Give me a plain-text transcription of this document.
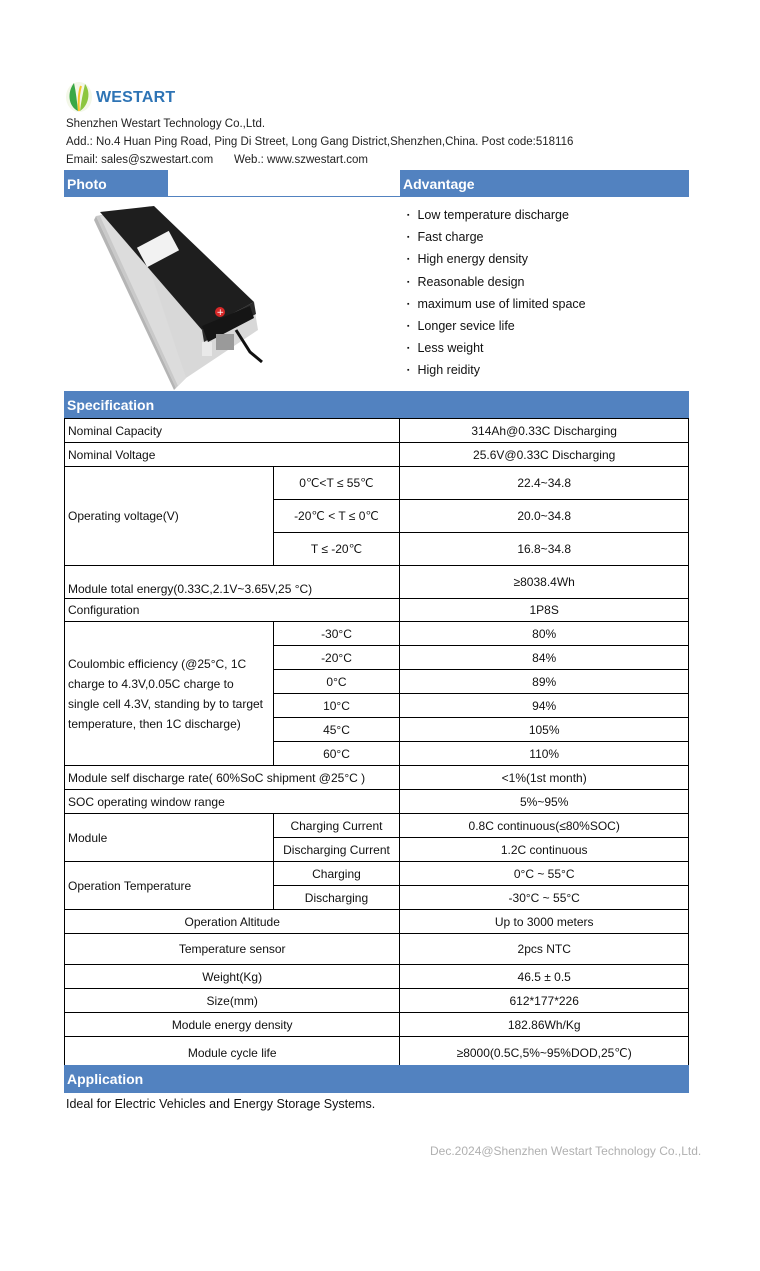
WESTART
Shenzhen Westart Technology Co.,Ltd.
Add.: No.4 Huan Ping Road, Ping Di Street, Long Gang District,Shenzhen,China. Post code:518116
Email: sales@szwestart.com Web.: www.szwestart.com
Photo	Advantage
+
▪ Low temperature discharge
▪ Fast charge
▪ High energy density
▪ Reasonable design
▪ maximum use of limited space
▪ Longer sevice life
▪ Less weight
▪ High reidity
Specification
Nominal Capacity		314Ah@0.33C Discharging
Nominal Voltage		25.6V@0.33C Discharging
Operating voltage(V)	0℃<T ≤ 55℃	22.4~34.8
	-20℃ < T ≤ 0℃	20.0~34.8
	T ≤ -20℃	16.8~34.8
Module total energy(0.33C,2.1V~3.65V,25 °C)		≥8038.4Wh
Configuration		1P8S
Coulombic efficiency (@25°C, 1C charge to 4.3V,0.05C charge to single cell 4.3V, standing by to target temperature, then 1C discharge)	-30°C	80%
	-20°C	84%
	0°C	89%
	10°C	94%
	45°C	105%
	60°C	110%
Module self discharge rate( 60%SoC shipment @25°C )		<1%(1st month)
SOC operating window range		5%~95%
Module	Charging Current	0.8C continuous(≤80%SOC)
	Discharging Current	1.2C continuous
Operation Temperature	Charging	0°C ~ 55°C
	Discharging	-30°C ~ 55°C
Operation Altitude		Up to 3000 meters
Temperature sensor		2pcs NTC
Weight(Kg)		46.5 ± 0.5
Size(mm)		612*177*226
Module energy density		182.86Wh/Kg
Module cycle life		≥8000(0.5C,5%~95%DOD,25℃)
Application
Ideal for Electric Vehicles and Energy Storage Systems.
Dec.2024@Shenzhen Westart Technology Co.,Ltd.
